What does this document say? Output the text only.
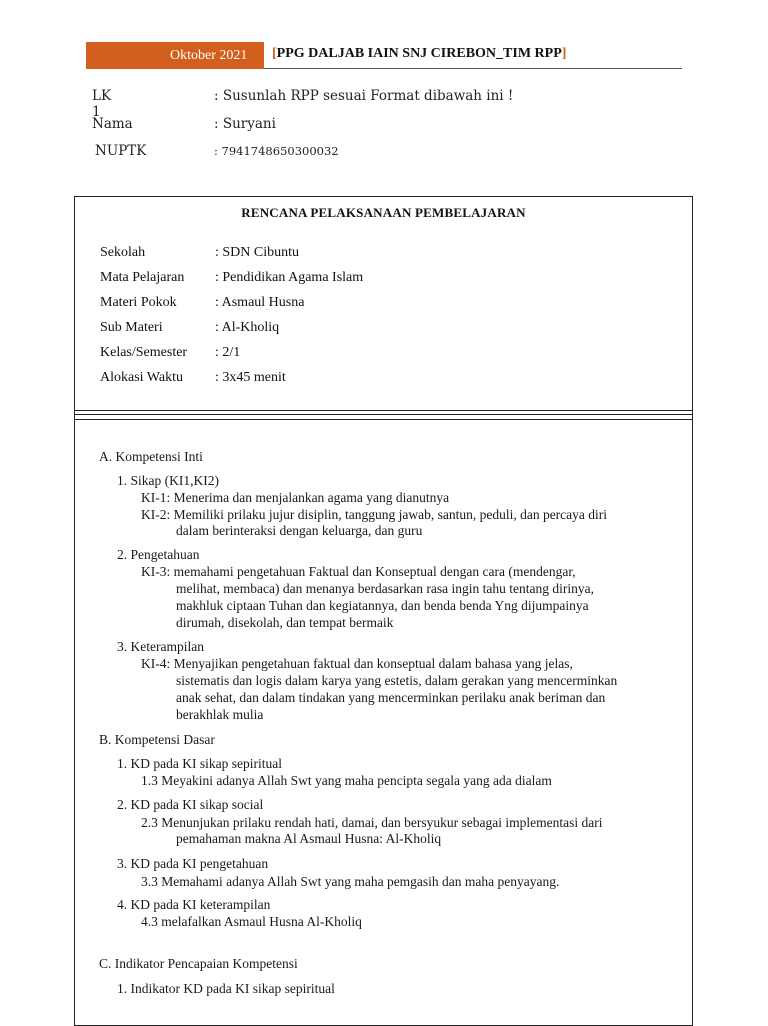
Oktober 2021	[PPG DALJAB IAIN SNJ CIREBON_TIM RPP]
LK 1
: Susunlah RPP sesuai Format dibawah ini !
Nama	: Suryani
NUPTK	: 7941748650300032
RENCANA PELAKSANAAN PEMBELAJARAN
Sekolah	: SDN Cibuntu
Mata Pelajaran : Pendidikan Agama Islam
Materi Pokok	: Asmaul Husna
Sub Materi	: Al-Kholiq
Kelas/Semester : 2/1
Alokasi Waktu : 3x45 menit
A. Kompetensi Inti
1. Sikap (KI1,KI2)
KI-1: Menerima dan menjalankan agama yang dianutnya
KI-2: Memiliki prilaku jujur disiplin, tanggung jawab, santun, peduli, dan percaya diri
dalam berinteraksi dengan keluarga, dan guru
2. Pengetahuan
KI-3: memahami pengetahuan Faktual dan Konseptual dengan cara (mendengar,
melihat, membaca) dan menanya berdasarkan rasa ingin tahu tentang dirinya,
makhluk ciptaan Tuhan dan kegiatannya, dan benda benda Yng dijumpainya
dirumah, disekolah, dan tempat bermaik
3. Keterampilan
KI-4: Menyajikan pengetahuan faktual dan konseptual dalam bahasa yang jelas,
sistematis dan logis dalam karya yang estetis, dalam gerakan yang mencerminkan
anak sehat, dan dalam tindakan yang mencerminkan perilaku anak beriman dan
berakhlak mulia
B. Kompetensi Dasar
1. KD pada KI sikap sepiritual
1.3 Meyakini adanya Allah Swt yang maha pencipta segala yang ada dialam
2. KD pada KI sikap social
2.3 Menunjukan prilaku rendah hati, damai, dan bersyukur sebagai implementasi dari
pemahaman makna Al Asmaul Husna: Al-Kholiq
3. KD pada KI pengetahuan
3.3 Memahami adanya Allah Swt yang maha pemgasih dan maha penyayang.
4. KD pada KI keterampilan
4.3 melafalkan Asmaul Husna Al-Kholiq
C. Indikator Pencapaian Kompetensi
1. Indikator KD pada KI sikap sepiritual
